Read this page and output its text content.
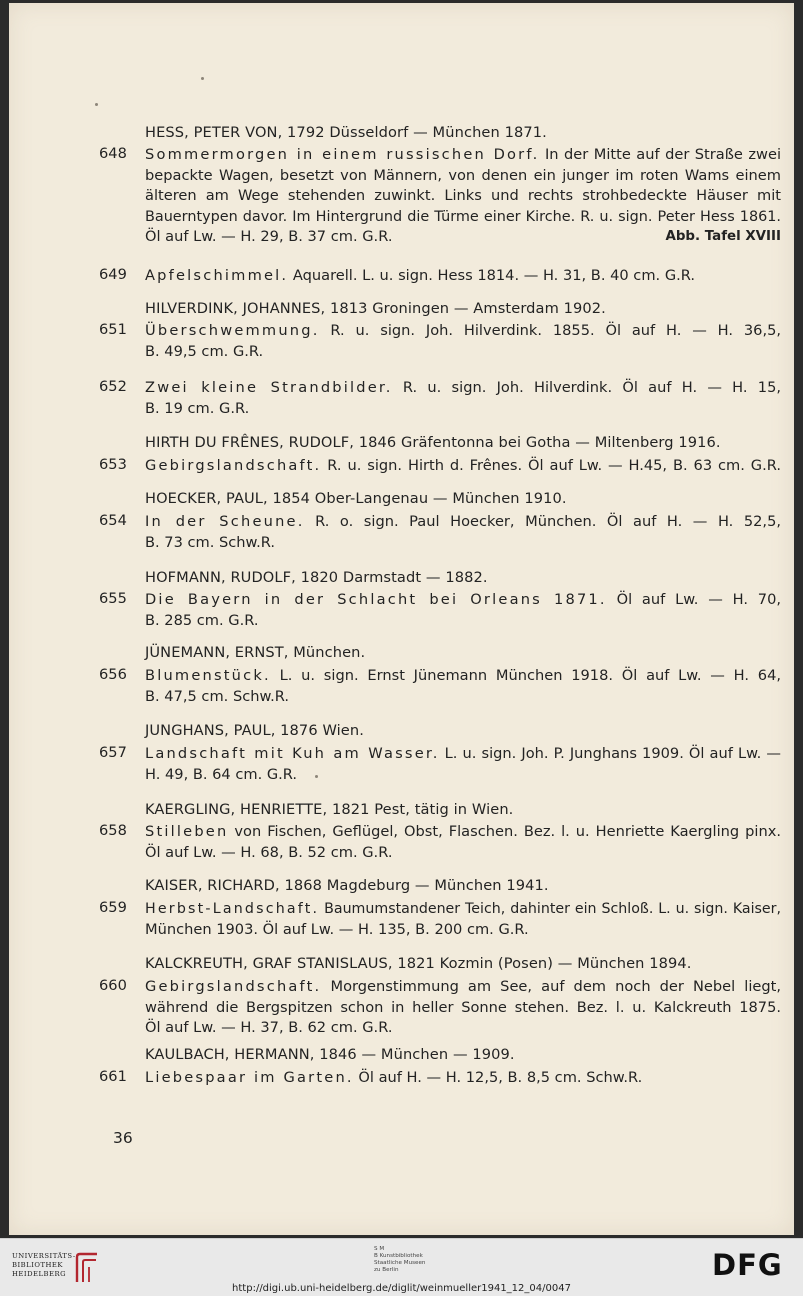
HESS, PETER VON, 1792 Düsseldorf — München 1871.
648	Sommermorgen in einem russischen Dorf. In der Mitte auf der Straße zwei
bepackte Wagen, besetzt von Männern, von denen ein junger im roten Wams einem
älteren am Wege stehenden zuwinkt. Links und rechts strohbedeckte Häuser mit
Bauerntypen davor. Im Hintergrund die Türme einer Kirche. R. u. sign. Peter Hess 1861.
Öl auf Lw. — H. 29, B. 37 cm. G.R.	Abb. Tafel XVIII
649	Apfelschimmel. Aquarell. L. u. sign. Hess 1814. — H. 31, B. 40 cm. G.R.
HILVERDINK, JOHANNES, 1813 Groningen — Amsterdam 1902.
651	Überschwemmung. R. u. sign. Joh. Hilverdink. 1855. Öl auf H. — H. 36,5,
B. 49,5 cm. G.R.
652	Zwei kleine Strandbilder. R. u. sign. Joh. Hilverdink. Öl auf H. — H. 15,
B. 19 cm. G.R.
HIRTH DU FRÊNES, RUDOLF, 1846 Gräfentonna bei Gotha — Miltenberg 1916.
653	Gebirgslandschaft. R. u. sign. Hirth d. Frênes. Öl auf Lw. — H.45, B. 63 cm. G.R.
HOECKER, PAUL, 1854 Ober-Langenau — München 1910.
654	In der Scheune. R. o. sign. Paul Hoecker, München. Öl auf H. — H. 52,5,
B. 73 cm. Schw.R.
HOFMANN, RUDOLF, 1820 Darmstadt — 1882.
655	Die Bayern in der Schlacht bei Orleans 1871. Öl auf Lw. — H. 70,
B. 285 cm. G.R.
JÜNEMANN, ERNST, München.
656	Blumenstück. L. u. sign. Ernst Jünemann München 1918. Öl auf Lw. — H. 64,
B. 47,5 cm. Schw.R.
JUNGHANS, PAUL, 1876 Wien.
657	Landschaft mit Kuh am Wasser. L. u. sign. Joh. P. Junghans 1909. Öl auf Lw. —
H. 49, B. 64 cm. G.R.
KAERGLING, HENRIETTE, 1821 Pest, tätig in Wien.
658	Stilleben von Fischen, Geflügel, Obst, Flaschen. Bez. l. u. Henriette Kaergling pinx.
Öl auf Lw. — H. 68, B. 52 cm. G.R.
KAISER, RICHARD, 1868 Magdeburg — München 1941.
659	Herbst-Landschaft. Baumumstandener Teich, dahinter ein Schloß. L. u. sign. Kaiser,
München 1903. Öl auf Lw. — H. 135, B. 200 cm. G.R.
KALCKREUTH, GRAF STANISLAUS, 1821 Kozmin (Posen) — München 1894.
660	Gebirgslandschaft. Morgenstimmung am See, auf dem noch der Nebel liegt,
während die Bergspitzen schon in heller Sonne stehen. Bez. l. u. Kalckreuth 1875.
Öl auf Lw. — H. 37, B. 62 cm. G.R.
KAULBACH, HERMANN, 1846 — München — 1909.
661	Liebespaar im Garten. Öl auf H. — H. 12,5, B. 8,5 cm. Schw.R.
36
UNIVERSITÄTS-
BIBLIOTHEK
HEIDELBERG
S M
B Kunstbibliothek
Staatliche Museen
zu Berlin	DFG
http://digi.ub.uni-heidelberg.de/diglit/weinmueller1941_12_04/0047
